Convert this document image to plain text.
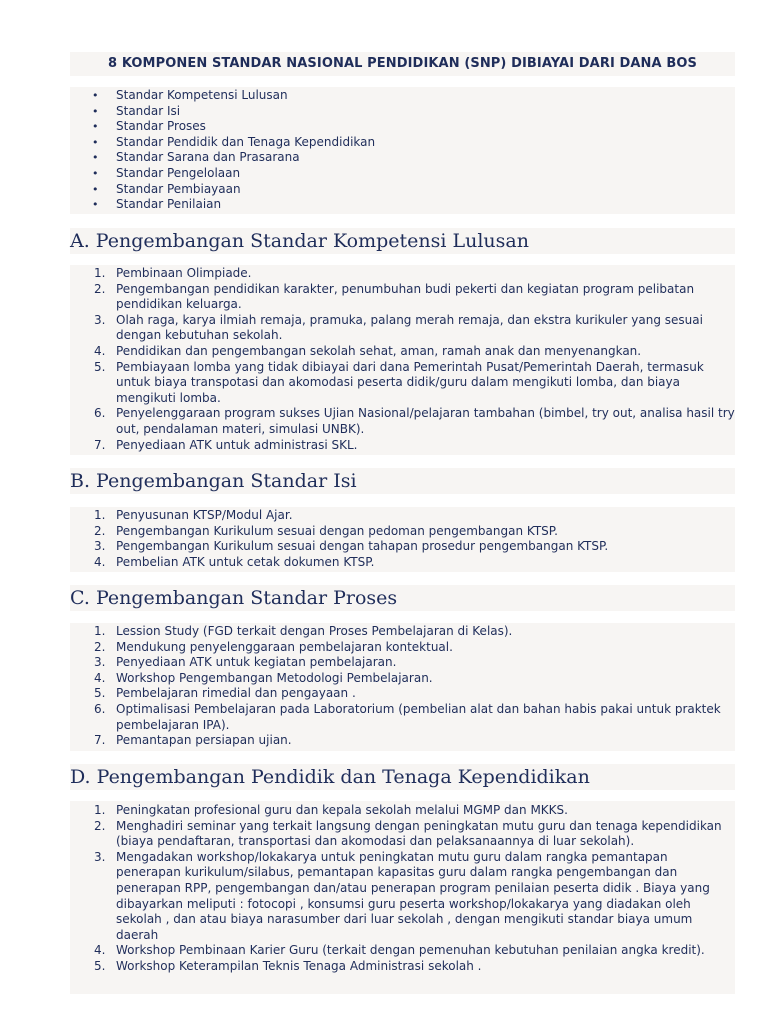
8 KOMPONEN STANDAR NASIONAL PENDIDIKAN (SNP) DIBIAYAI DARI DANA BOS
• Standar Kompetensi Lulusan
• Standar Isi
• Standar Proses
• Standar Pendidik dan Tenaga Kependidikan
• Standar Sarana dan Prasarana
• Standar Pengelolaan
• Standar Pembiayaan
• Standar Penilaian
A. Pengembangan Standar Kompetensi Lulusan
1. Pembinaan Olimpiade.
2. Pengembangan pendidikan karakter, penumbuhan budi pekerti dan kegiatan program pelibatan pendidikan keluarga.
3. Olah raga, karya ilmiah remaja, pramuka, palang merah remaja, dan ekstra kurikuler yang sesuai dengan kebutuhan sekolah.
4. Pendidikan dan pengembangan sekolah sehat, aman, ramah anak dan menyenangkan.
5. Pembiayaan lomba yang tidak dibiayai dari dana Pemerintah Pusat/Pemerintah Daerah, termasuk untuk biaya transpotasi dan akomodasi peserta didik/guru dalam mengikuti lomba, dan biaya mengikuti lomba.
6. Penyelenggaraan program sukses Ujian Nasional/pelajaran tambahan (bimbel, try out, analisa hasil try out, pendalaman materi, simulasi UNBK).
7. Penyediaan ATK untuk administrasi SKL.
B. Pengembangan Standar Isi
1. Penyusunan KTSP/Modul Ajar.
2. Pengembangan Kurikulum sesuai dengan pedoman pengembangan KTSP.
3. Pengembangan Kurikulum sesuai dengan tahapan prosedur pengembangan KTSP.
4. Pembelian ATK untuk cetak dokumen KTSP.
C. Pengembangan Standar Proses
1. Lession Study (FGD terkait dengan Proses Pembelajaran di Kelas).
2. Mendukung penyelenggaraan pembelajaran kontektual.
3. Penyediaan ATK untuk kegiatan pembelajaran.
4. Workshop Pengembangan Metodologi Pembelajaran.
5. Pembelajaran rimedial dan pengayaan .
6. Optimalisasi Pembelajaran pada Laboratorium (pembelian alat dan bahan habis pakai untuk praktek pembelajaran IPA).
7. Pemantapan persiapan ujian.
D. Pengembangan Pendidik dan Tenaga Kependidikan
1. Peningkatan profesional guru dan kepala sekolah melalui MGMP dan MKKS.
2. Menghadiri seminar yang terkait langsung dengan peningkatan mutu guru dan tenaga kependidikan (biaya pendaftaran, transportasi dan akomodasi dan pelaksanaannya di luar sekolah).
3. Mengadakan workshop/lokakarya untuk peningkatan mutu guru dalam rangka pemantapan penerapan kurikulum/silabus, pemantapan kapasitas guru dalam rangka pengembangan dan penerapan RPP, pengembangan dan/atau penerapan program penilaian peserta didik . Biaya yang dibayarkan meliputi : fotocopi , konsumsi guru peserta workshop/lokakarya yang diadakan oleh sekolah , dan atau biaya narasumber dari luar sekolah , dengan mengikuti standar biaya umum daerah
4. Workshop Pembinaan Karier Guru (terkait dengan pemenuhan kebutuhan penilaian angka kredit).
5. Workshop Keterampilan Teknis Tenaga Administrasi sekolah .
